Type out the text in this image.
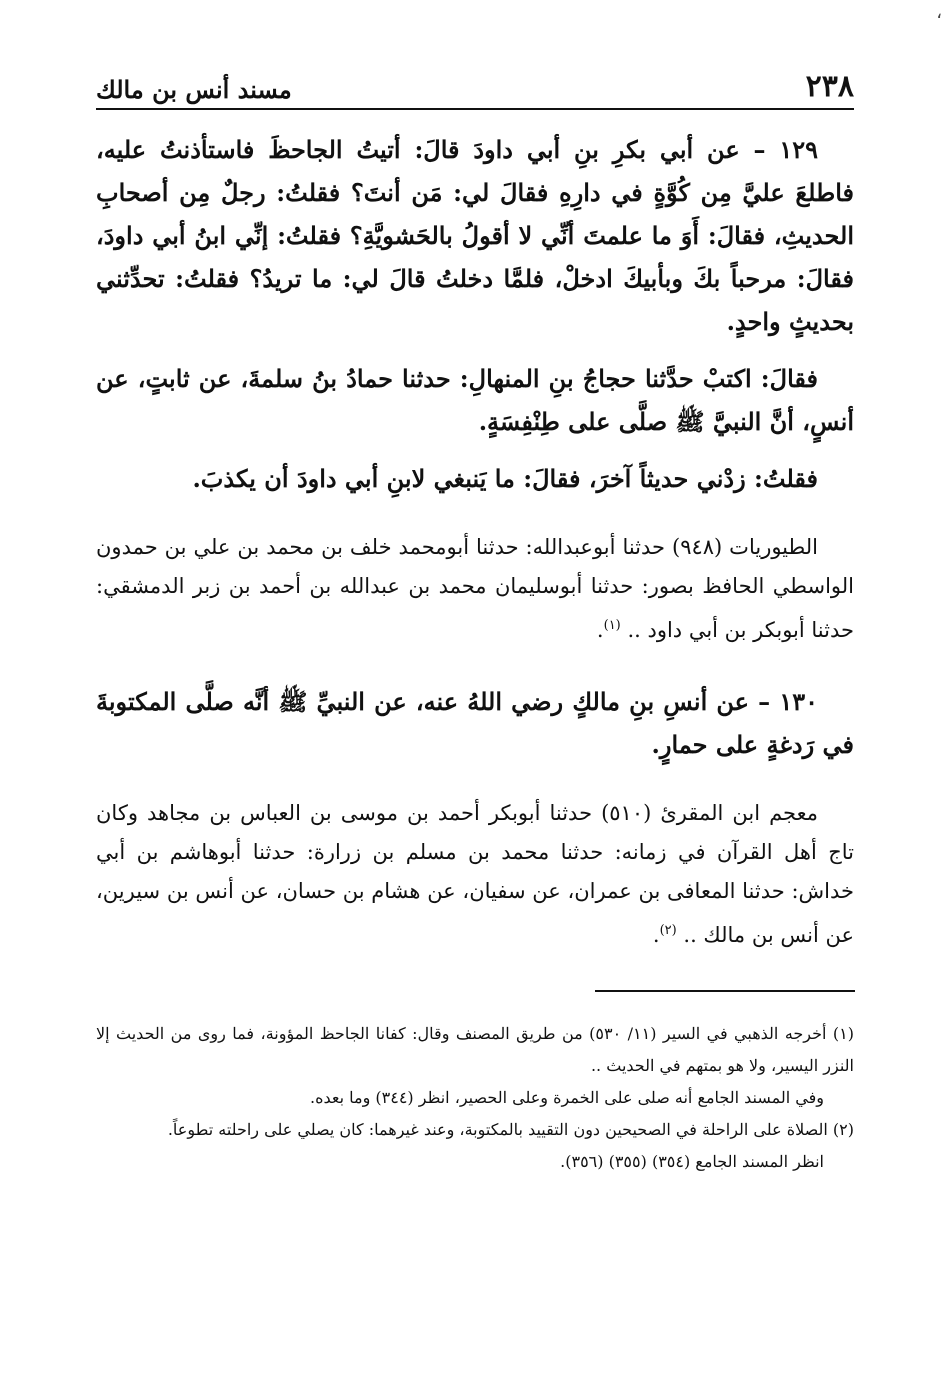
،
٢٣٨
مسند أنس بن مالك

١٢٩ – عن أبي بكرِ بنِ أبي داودَ قالَ: أتيتُ الجاحظَ فاستأذنتُ عليه، فاطلعَ عليَّ مِن كُوَّةٍ في دارِهِ فقالَ لي: مَن أنتَ؟ فقلتُ: رجلٌ مِن أصحابِ الحديثِ، فقالَ: أَوَ ما علمتَ أنِّي لا أقولُ بالحَشويَّةِ؟ فقلتُ: إنِّي ابنُ أبي داودَ، فقالَ: مرحباً بكَ وبأبيكَ ادخلْ، فلمَّا دخلتُ قالَ لي: ما تريدُ؟ فقلتُ: تحدِّثني بحديثٍ واحدٍ.

فقالَ: اكتبْ حدَّثنا حجاجُ بنِ المنهالِ: حدثنا حمادُ بنُ سلمةَ، عن ثابتٍ، عن أنسٍ، أنَّ النبيَّ ﷺ صلَّى على طِنْفِسَةٍ.

فقلتُ: زدْني حديثاً آخرَ، فقالَ: ما يَنبغي لابنِ أبي داودَ أن يكذبَ.

الطيوريات (٩٤٨) حدثنا أبوعبدالله: حدثنا أبومحمد خلف بن محمد بن علي بن حمدون الواسطي الحافظ بصور: حدثنا أبوسليمان محمد بن عبدالله بن أحمد بن زبر الدمشقي: حدثنا أبوبكر بن أبي داود .. $^{(١)}$.

١٣٠ – عن أنسِ بنِ مالكٍ رضي اللهُ عنه، عن النبيِّ ﷺ أنَّه صلَّى المكتوبةَ في رَدغةٍ على حمارٍ.

معجم ابن المقرئ (٥١٠) حدثنا أبوبكر أحمد بن موسى بن العباس بن مجاهد وكان تاج أهل القرآن في زمانه: حدثنا محمد بن مسلم بن زرارة: حدثنا أبوهاشم بن أبي خداش: حدثنا المعافى بن عمران، عن سفيان، عن هشام بن حسان، عن أنس بن سيرين، عن أنس بن مالك .. $^{(٢)}$.

(١) أخرجه الذهبي في السير (١١/ ٥٣٠) من طريق المصنف وقال: كفانا الجاحظ المؤونة، فما روى من الحديث إلا النزر اليسير، ولا هو بمتهم في الحديث ..

وفي المسند الجامع أنه صلى على الخمرة وعلى الحصير، انظر (٣٤٤) وما بعده.

(٢) الصلاة على الراحلة في الصحيحين دون التقييد بالمكتوبة، وعند غيرهما: كان يصلي على راحلته تطوعاً.

انظر المسند الجامع (٣٥٤) (٣٥٥) (٣٥٦).
